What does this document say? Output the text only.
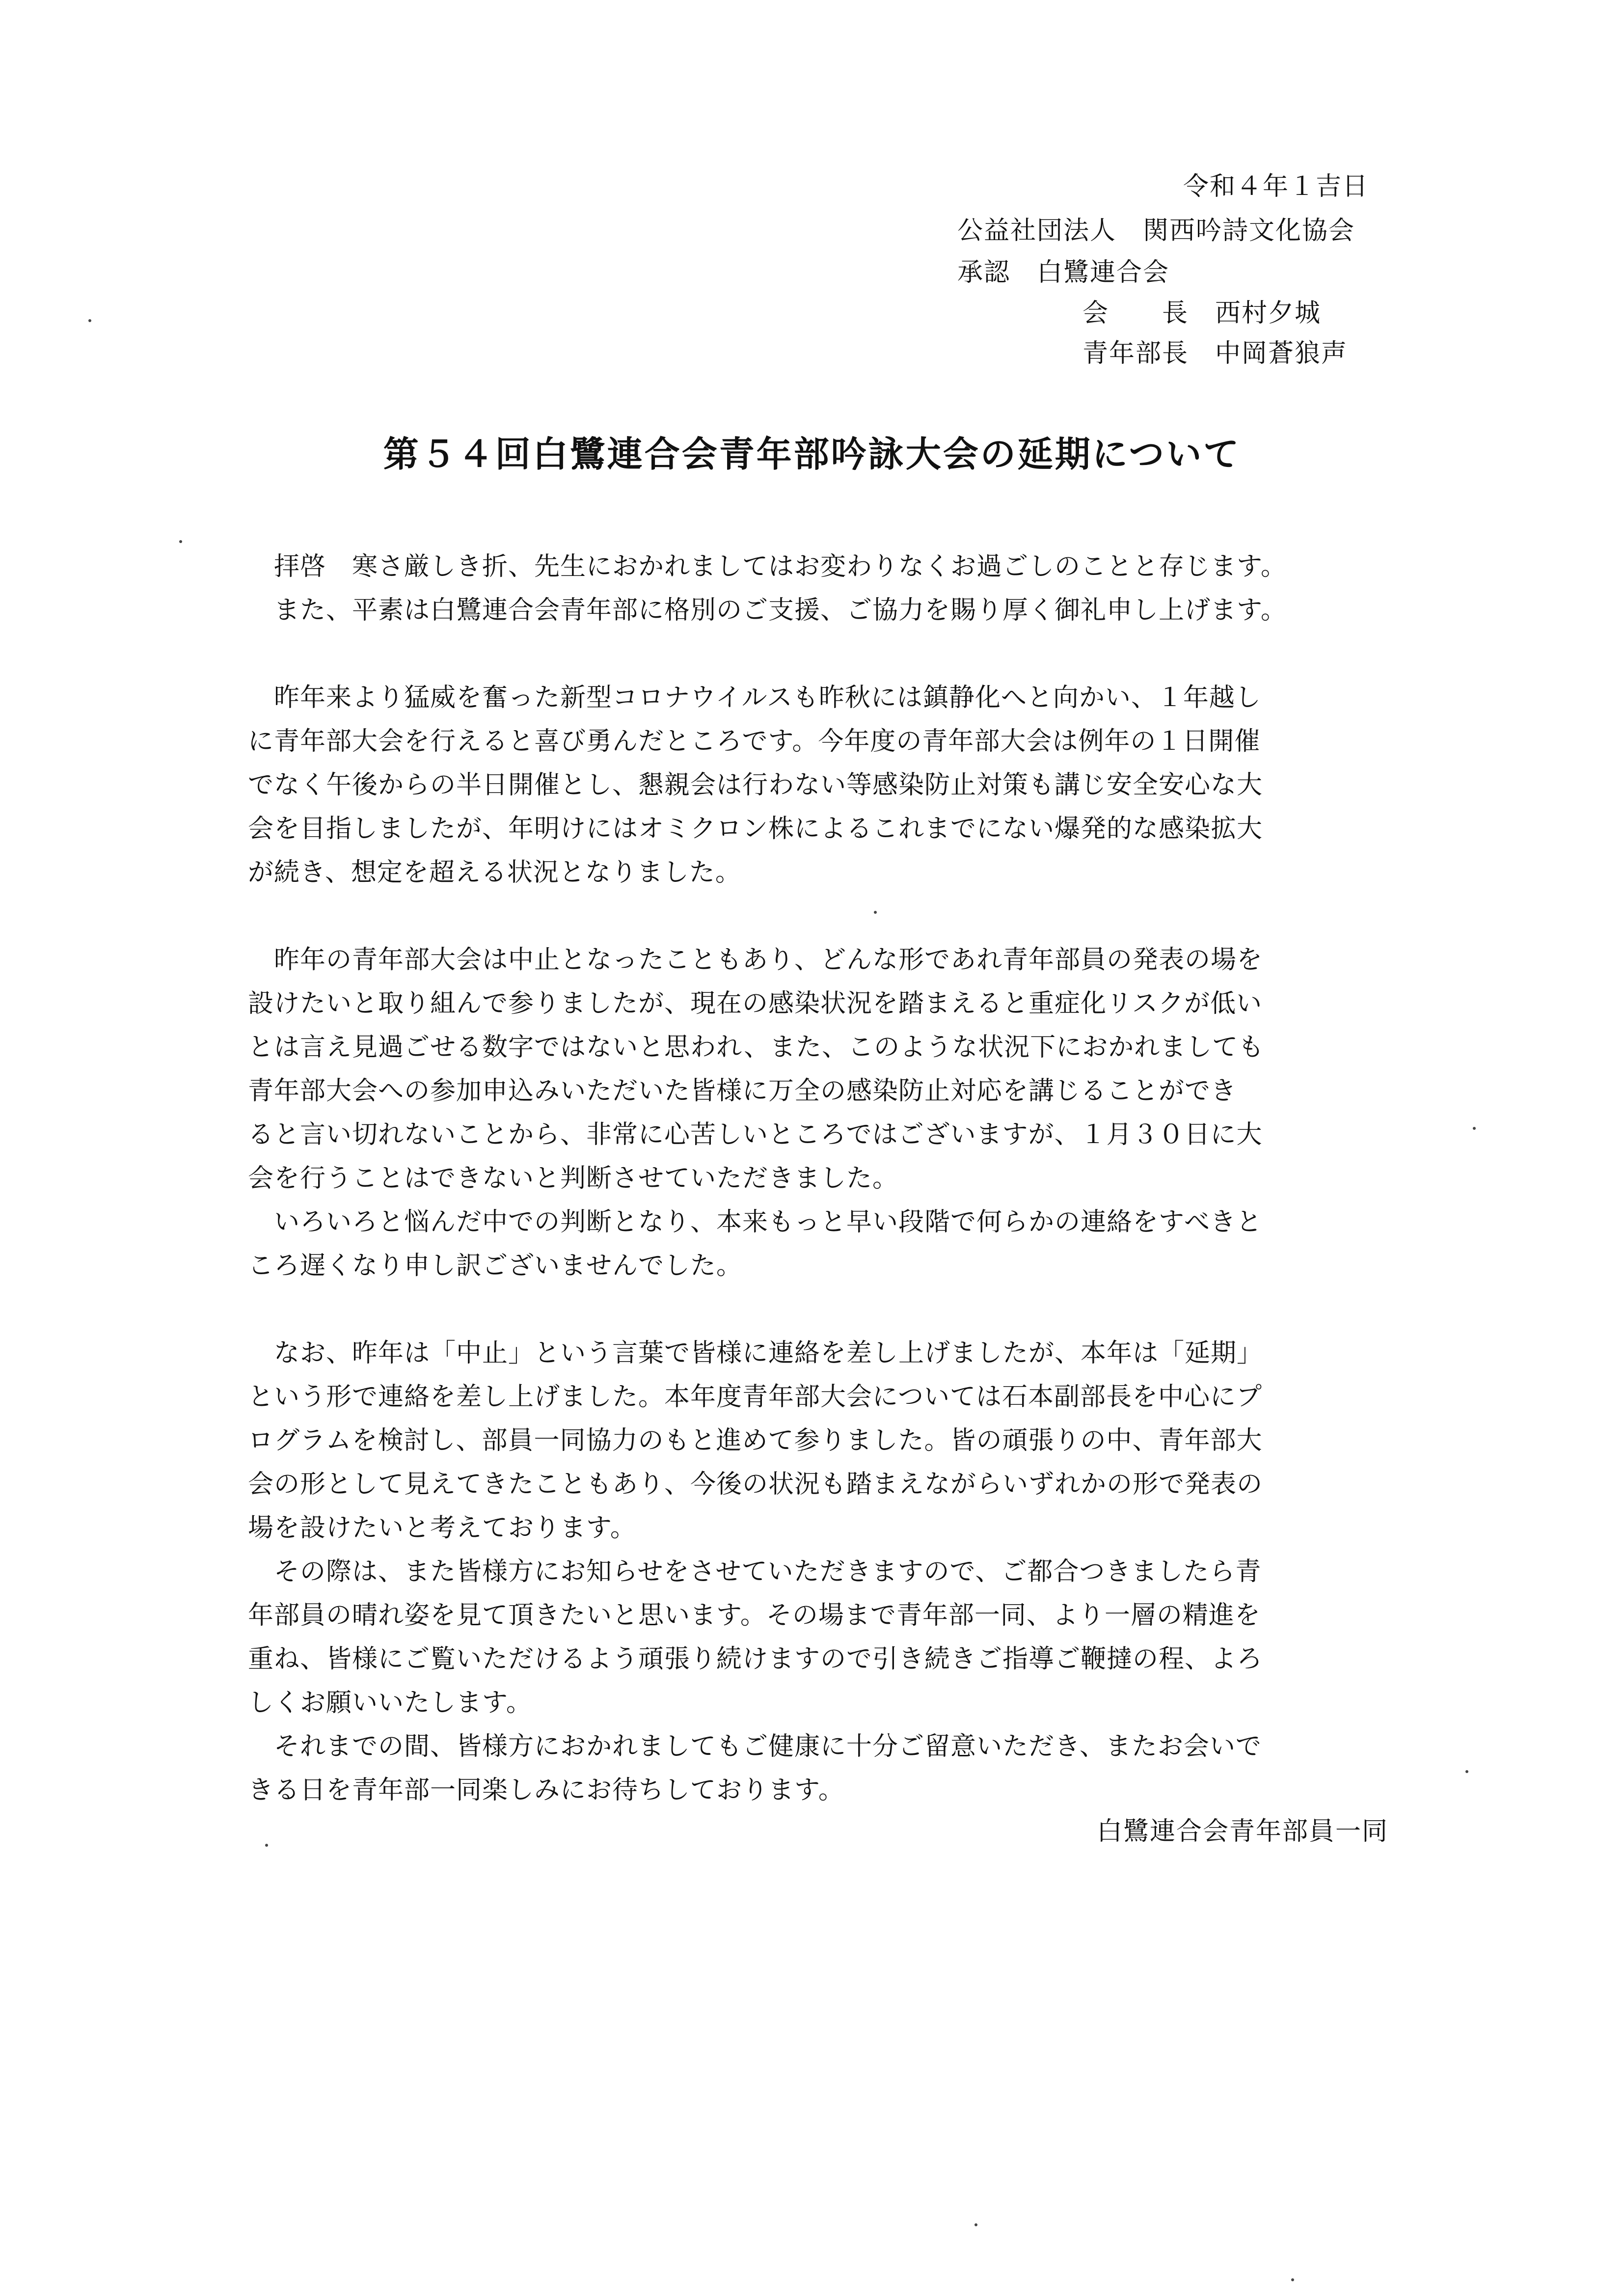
令和４年１吉日
公益社団法人　関西吟詩文化協会
承認　白鷺連合会
会　　長　西村夕城
青年部長　中岡蒼狼声
第５４回白鷺連合会青年部吟詠大会の延期について
　拝啓　寒さ厳しき折、先生におかれましてはお変わりなくお過ごしのことと存じます。
　また、平素は白鷺連合会青年部に格別のご支援、ご協力を賜り厚く御礼申し上げます。
　昨年来より猛威を奮った新型コロナウイルスも昨秋には鎮静化へと向かい、１年越し
に青年部大会を行えると喜び勇んだところです。今年度の青年部大会は例年の１日開催
でなく午後からの半日開催とし、懇親会は行わない等感染防止対策も講じ安全安心な大
会を目指しましたが、年明けにはオミクロン株によるこれまでにない爆発的な感染拡大
が続き、想定を超える状況となりました。
　昨年の青年部大会は中止となったこともあり、どんな形であれ青年部員の発表の場を
設けたいと取り組んで参りましたが、現在の感染状況を踏まえると重症化リスクが低い
とは言え見過ごせる数字ではないと思われ、また、このような状況下におかれましても
青年部大会への参加申込みいただいた皆様に万全の感染防止対応を講じることができ
ると言い切れないことから、非常に心苦しいところではございますが、１月３０日に大
会を行うことはできないと判断させていただきました。
　いろいろと悩んだ中での判断となり、本来もっと早い段階で何らかの連絡をすべきと
ころ遅くなり申し訳ございませんでした。
　なお、昨年は「中止」という言葉で皆様に連絡を差し上げましたが、本年は「延期」
という形で連絡を差し上げました。本年度青年部大会については石本副部長を中心にプ
ログラムを検討し、部員一同協力のもと進めて参りました。皆の頑張りの中、青年部大
会の形として見えてきたこともあり、今後の状況も踏まえながらいずれかの形で発表の
場を設けたいと考えております。
　その際は、また皆様方にお知らせをさせていただきますので、ご都合つきましたら青
年部員の晴れ姿を見て頂きたいと思います。その場まで青年部一同、より一層の精進を
重ね、皆様にご覧いただけるよう頑張り続けますので引き続きご指導ご鞭撻の程、よろ
しくお願いいたします。
　それまでの間、皆様方におかれましてもご健康に十分ご留意いただき、またお会いで
きる日を青年部一同楽しみにお待ちしております。
白鷺連合会青年部員一同
